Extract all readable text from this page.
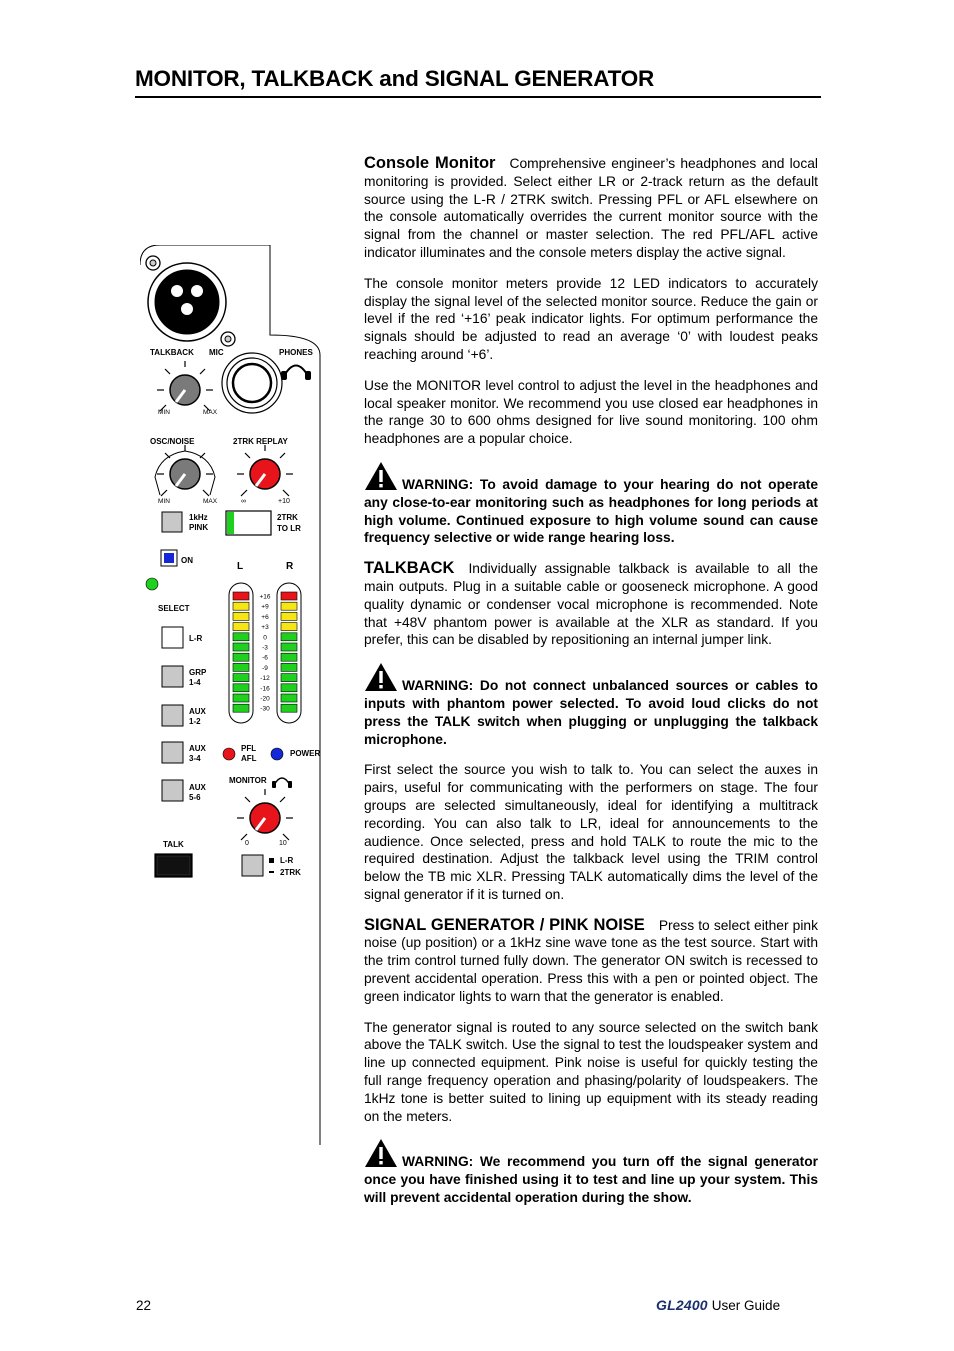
MONITOR, TALKBACK and SIGNAL GENERATOR
TALKBACK MIC	PHONES
MIN	MAX
OSC/NOISE	2TRK REPLAY
MIN	MAX	∞	+10
1kHz
PINK
2TRK
TO LR
ON
L	R
+16
+9
+6
+3
0
-3
-6
-9
-12
-16
-20
-30
SELECT
L-R
GRP
1-4
AUX
1-2
AUX
3-4
AUX
5-6
PFL
AFL
POWER
MONITOR
0	10
TALK
L-R
2TRK

Console Monitor Comprehensive engineer’s headphones and local monitoring is provided. Select either LR or 2-track return as the default source using the L-R / 2TRK switch. Pressing PFL or AFL elsewhere on the console automatically overrides the current monitor source with the signal from the channel or master selection. The red PFL/AFL active indicator illuminates and the console meters display the active signal.

The console monitor meters provide 12 LED indicators to accurately display the signal level of the selected monitor source. Reduce the gain or level if the red ‘+16’ peak indicator lights. For optimum performance the signals should be adjusted to read an average ‘0’ with loudest peaks reaching around ‘+6’.

Use the MONITOR level control to adjust the level in the headphones and local speaker monitor. We recommend you use closed ear headphones in the range 30 to 600 ohms designed for live sound monitoring. 100 ohm headphones are a popular choice.

WARNING: To avoid damage to your hearing do not operate any close-to-ear monitoring such as headphones for long periods at high volume. Continued exposure to high volume sound can cause frequency selective or wide range hearing loss.

TALKBACK Individually assignable talkback is available to all the main outputs. Plug in a suitable cable or gooseneck microphone. A good quality dynamic or condenser vocal microphone is recommended. Note that +48V phantom power is available at the XLR as standard. If you prefer, this can be disabled by repositioning an internal jumper link.

WARNING: Do not connect unbalanced sources or cables to inputs with phantom power selected. To avoid loud clicks do not press the TALK switch when plugging or unplugging the talkback microphone.

First select the source you wish to talk to. You can select the auxes in pairs, useful for communicating with the performers on stage. The four groups are selected simultaneously, ideal for identifying a multitrack recording. You can also talk to LR, ideal for announcements to the audience. Once selected, press and hold TALK to route the mic to the required destination. Adjust the talkback level using the TRIM control below the TB mic XLR. Pressing TALK automatically dims the level of the signal generator if it is turned on.

SIGNAL GENERATOR / PINK NOISE Press to select either pink noise (up position) or a 1kHz sine wave tone as the test source. Start with the trim control turned fully down. The generator ON switch is recessed to prevent accidental operation. Press this with a pen or pointed object. The green indicator lights to warn that the generator is enabled.

The generator signal is routed to any source selected on the switch bank above the TALK switch. Use the signal to test the loudspeaker system and line up connected equipment. Pink noise is useful for quickly testing the full range frequency operation and phasing/polarity of loudspeakers. The 1kHz tone is better suited to lining up equipment with its steady reading on the meters.

WARNING: We recommend you turn off the signal generator once you have finished using it to test and line up your system. This will prevent accidental operation during the show.

22	GL2400 User Guide
